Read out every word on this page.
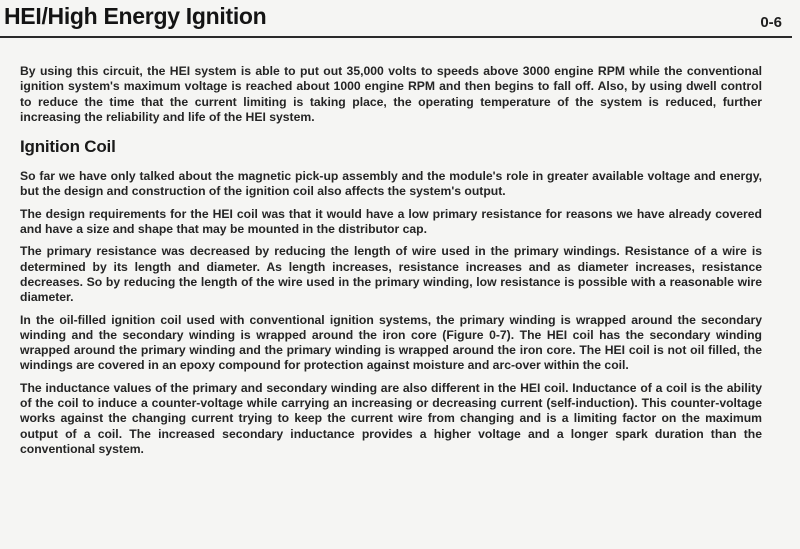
HEI/High Energy Ignition	0-6

By using this circuit, the HEI system is able to put out 35,000 volts to speeds above 3000 engine RPM while the conventional ignition system's maximum voltage is reached about 1000 engine RPM and then begins to fall off. Also, by using dwell control to reduce the time that the current limiting is taking place, the operating temperature of the system is reduced, further increasing the reliability and life of the HEI system.

Ignition Coil

So far we have only talked about the magnetic pick-up assembly and the module's role in greater available voltage and energy, but the design and construction of the ignition coil also affects the system's output.

The design requirements for the HEI coil was that it would have a low primary resistance for reasons we have already covered and have a size and shape that may be mounted in the distributor cap.

The primary resistance was decreased by reducing the length of wire used in the primary windings. Resistance of a wire is determined by its length and diameter. As length increases, resistance increases and as diameter increases, resistance decreases. So by reducing the length of the wire used in the primary winding, low resistance is possible with a reasonable wire diameter.

In the oil-filled ignition coil used with conventional ignition systems, the primary winding is wrapped around the secondary winding and the secondary winding is wrapped around the iron core (Figure 0-7). The HEI coil has the secondary winding wrapped around the primary winding and the primary winding is wrapped around the iron core. The HEI coil is not oil filled, the windings are covered in an epoxy compound for protection against moisture and arc-over within the coil.

The inductance values of the primary and secondary winding are also different in the HEI coil. Inductance of a coil is the ability of the coil to induce a counter-voltage while carrying an increasing or decreasing current (self-induction). This counter-voltage works against the changing current trying to keep the current wire from changing and is a limiting factor on the maximum output of a coil. The increased secondary inductance provides a higher voltage and a longer spark duration than the conventional system.
